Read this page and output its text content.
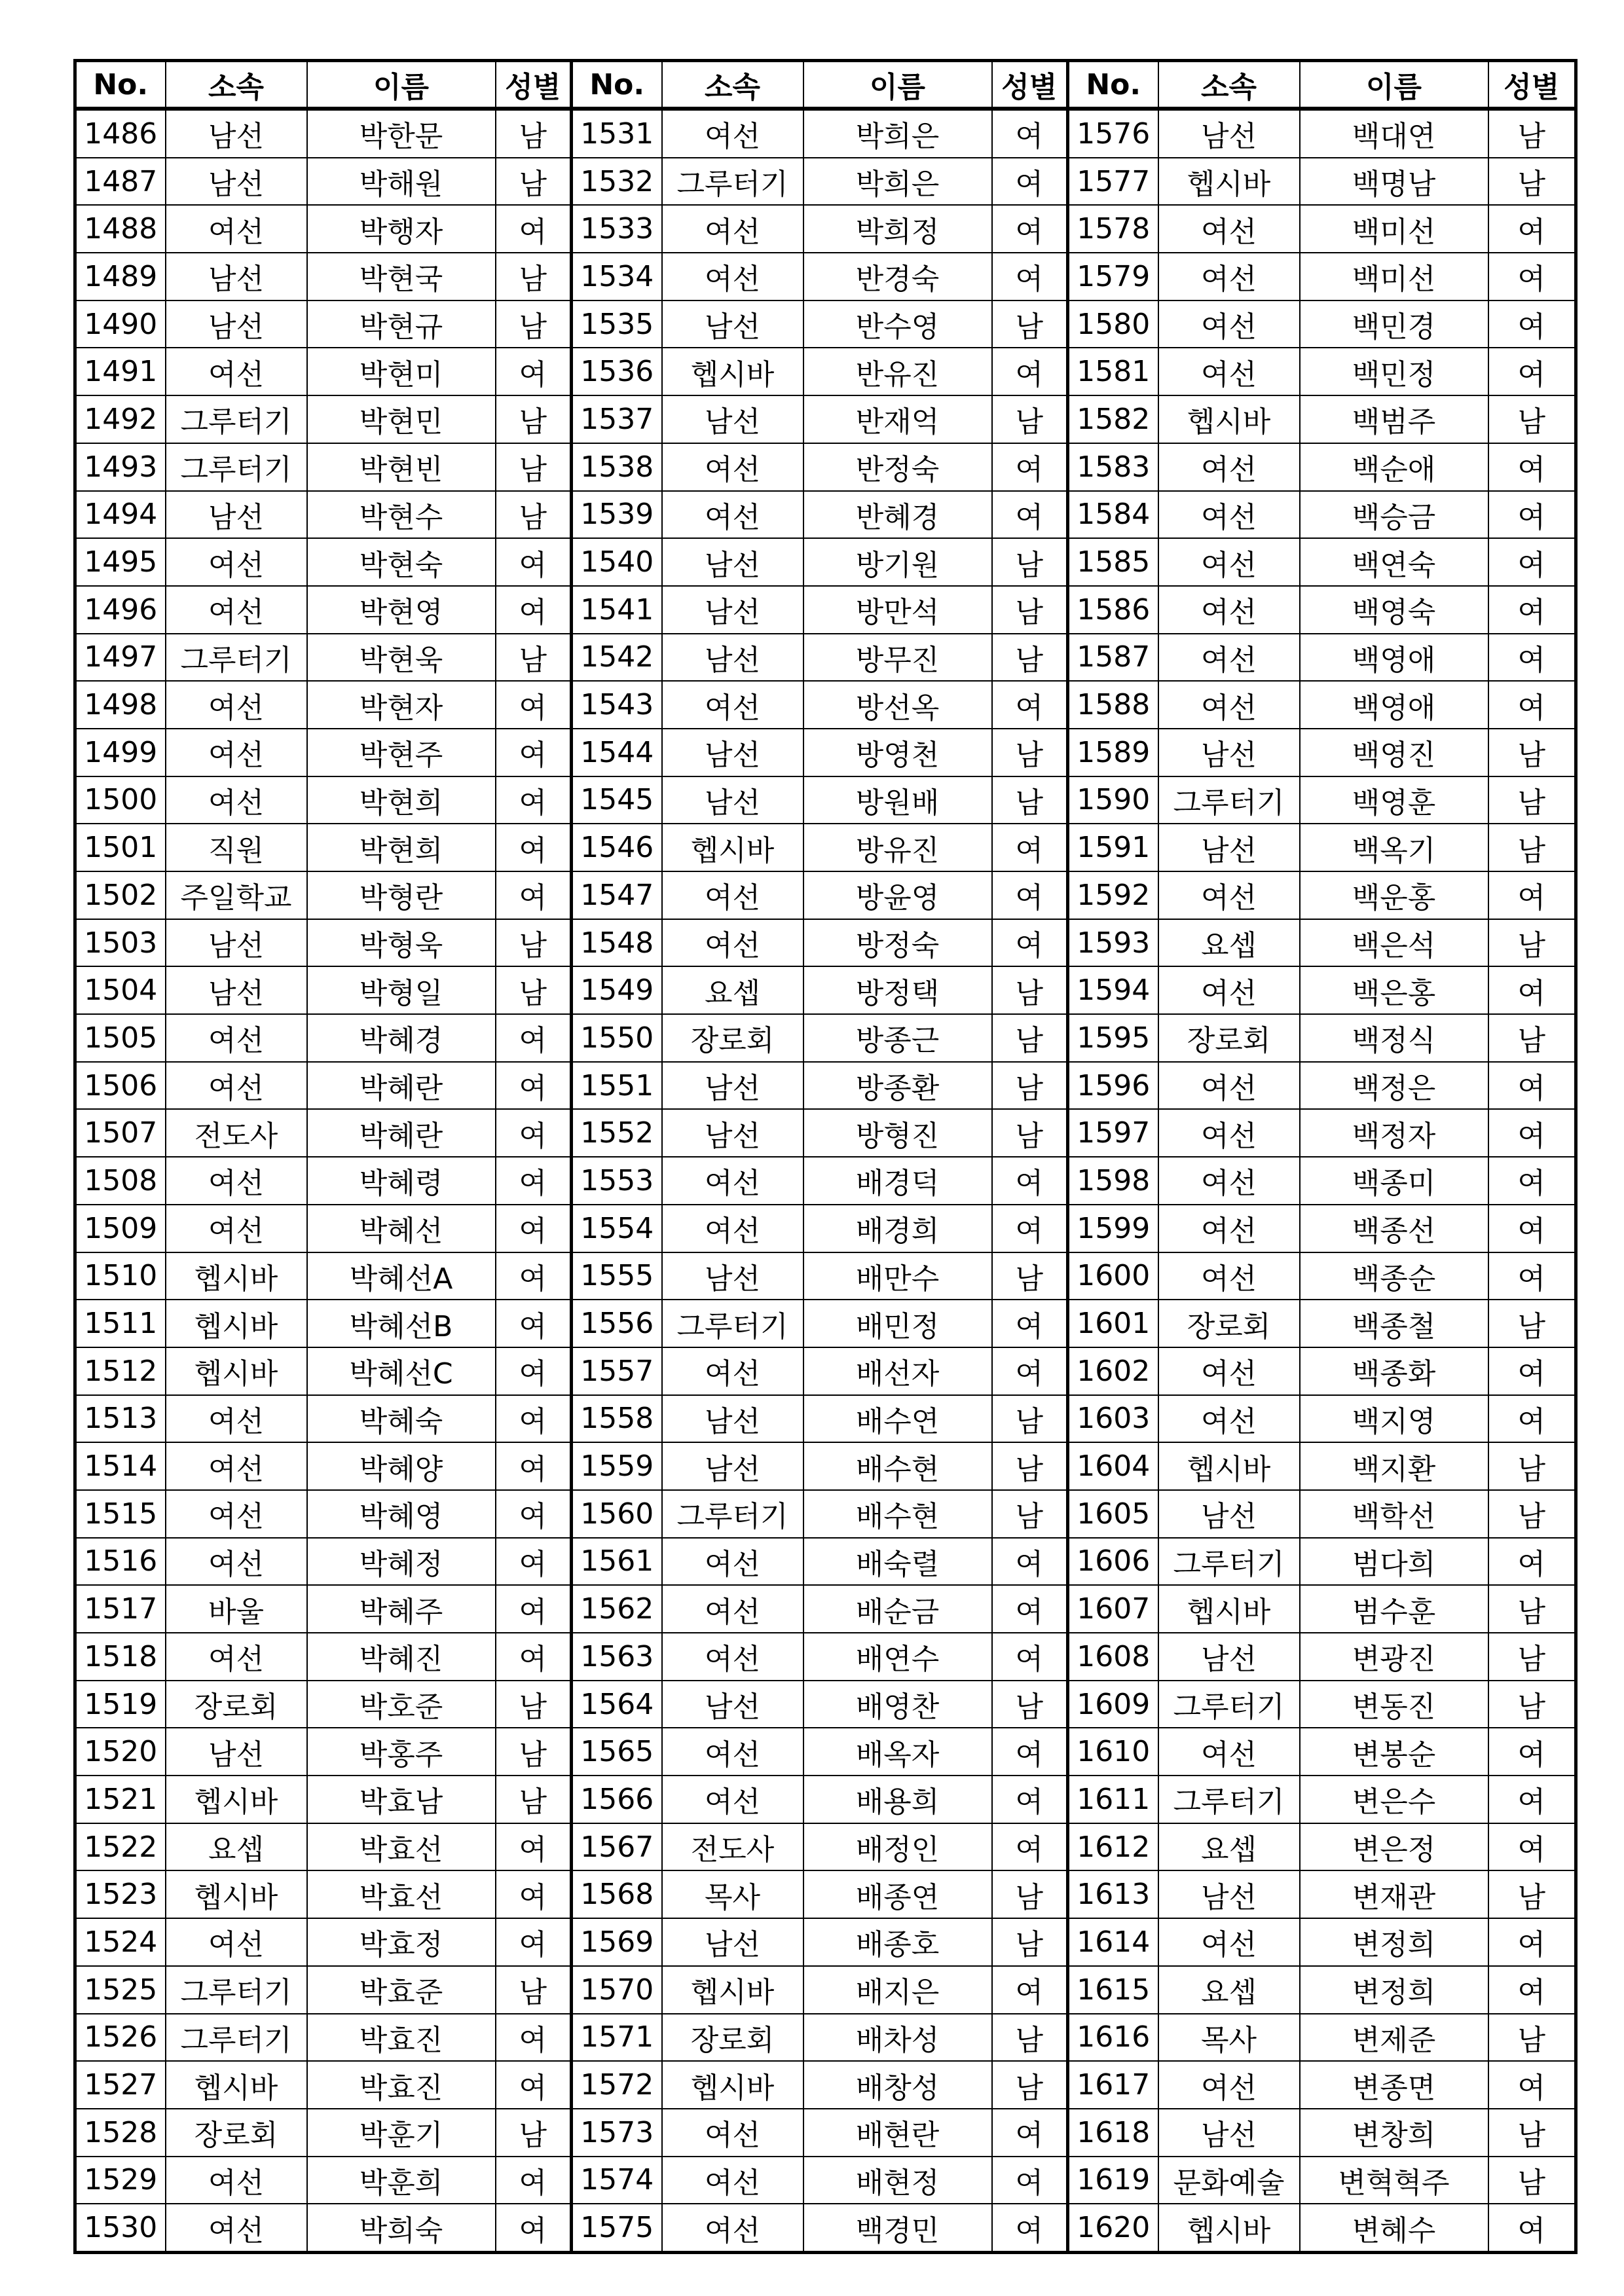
No.	소속	이름	성별	No.	소속	이름	성별	No.	소속	이름	성별
1486	남선	박한문	남	1531	여선	박희은	여	1576	남선	백대연	남
1487	남선	박해원	남	1532	그루터기	박희은	여	1577	헵시바	백명남	남
1488	여선	박행자	여	1533	여선	박희정	여	1578	여선	백미선	여
1489	남선	박현국	남	1534	여선	반경숙	여	1579	여선	백미선	여
1490	남선	박현규	남	1535	남선	반수영	남	1580	여선	백민경	여
1491	여선	박현미	여	1536	헵시바	반유진	여	1581	여선	백민정	여
1492	그루터기	박현민	남	1537	남선	반재억	남	1582	헵시바	백범주	남
1493	그루터기	박현빈	남	1538	여선	반정숙	여	1583	여선	백순애	여
1494	남선	박현수	남	1539	여선	반혜경	여	1584	여선	백승금	여
1495	여선	박현숙	여	1540	남선	방기원	남	1585	여선	백연숙	여
1496	여선	박현영	여	1541	남선	방만석	남	1586	여선	백영숙	여
1497	그루터기	박현욱	남	1542	남선	방무진	남	1587	여선	백영애	여
1498	여선	박현자	여	1543	여선	방선옥	여	1588	여선	백영애	여
1499	여선	박현주	여	1544	남선	방영천	남	1589	남선	백영진	남
1500	여선	박현희	여	1545	남선	방원배	남	1590	그루터기	백영훈	남
1501	직원	박현희	여	1546	헵시바	방유진	여	1591	남선	백옥기	남
1502	주일학교	박형란	여	1547	여선	방윤영	여	1592	여선	백운홍	여
1503	남선	박형욱	남	1548	여선	방정숙	여	1593	요셉	백은석	남
1504	남선	박형일	남	1549	요셉	방정택	남	1594	여선	백은홍	여
1505	여선	박혜경	여	1550	장로회	방종근	남	1595	장로회	백정식	남
1506	여선	박혜란	여	1551	남선	방종환	남	1596	여선	백정은	여
1507	전도사	박혜란	여	1552	남선	방형진	남	1597	여선	백정자	여
1508	여선	박혜령	여	1553	여선	배경덕	여	1598	여선	백종미	여
1509	여선	박혜선	여	1554	여선	배경희	여	1599	여선	백종선	여
1510	헵시바	박혜선A	여	1555	남선	배만수	남	1600	여선	백종순	여
1511	헵시바	박혜선B	여	1556	그루터기	배민정	여	1601	장로회	백종철	남
1512	헵시바	박혜선C	여	1557	여선	배선자	여	1602	여선	백종화	여
1513	여선	박혜숙	여	1558	남선	배수연	남	1603	여선	백지영	여
1514	여선	박혜양	여	1559	남선	배수현	남	1604	헵시바	백지환	남
1515	여선	박혜영	여	1560	그루터기	배수현	남	1605	남선	백학선	남
1516	여선	박혜정	여	1561	여선	배숙렬	여	1606	그루터기	범다희	여
1517	바울	박혜주	여	1562	여선	배순금	여	1607	헵시바	범수훈	남
1518	여선	박혜진	여	1563	여선	배연수	여	1608	남선	변광진	남
1519	장로회	박호준	남	1564	남선	배영찬	남	1609	그루터기	변동진	남
1520	남선	박홍주	남	1565	여선	배옥자	여	1610	여선	변봉순	여
1521	헵시바	박효남	남	1566	여선	배용희	여	1611	그루터기	변은수	여
1522	요셉	박효선	여	1567	전도사	배정인	여	1612	요셉	변은정	여
1523	헵시바	박효선	여	1568	목사	배종연	남	1613	남선	변재관	남
1524	여선	박효정	여	1569	남선	배종호	남	1614	여선	변정희	여
1525	그루터기	박효준	남	1570	헵시바	배지은	여	1615	요셉	변정희	여
1526	그루터기	박효진	여	1571	장로회	배차성	남	1616	목사	변제준	남
1527	헵시바	박효진	여	1572	헵시바	배창성	남	1617	여선	변종면	여
1528	장로회	박훈기	남	1573	여선	배현란	여	1618	남선	변창희	남
1529	여선	박훈희	여	1574	여선	배현정	여	1619	문화예술	변혁혁주	남
1530	여선	박희숙	여	1575	여선	백경민	여	1620	헵시바	변혜수	여
